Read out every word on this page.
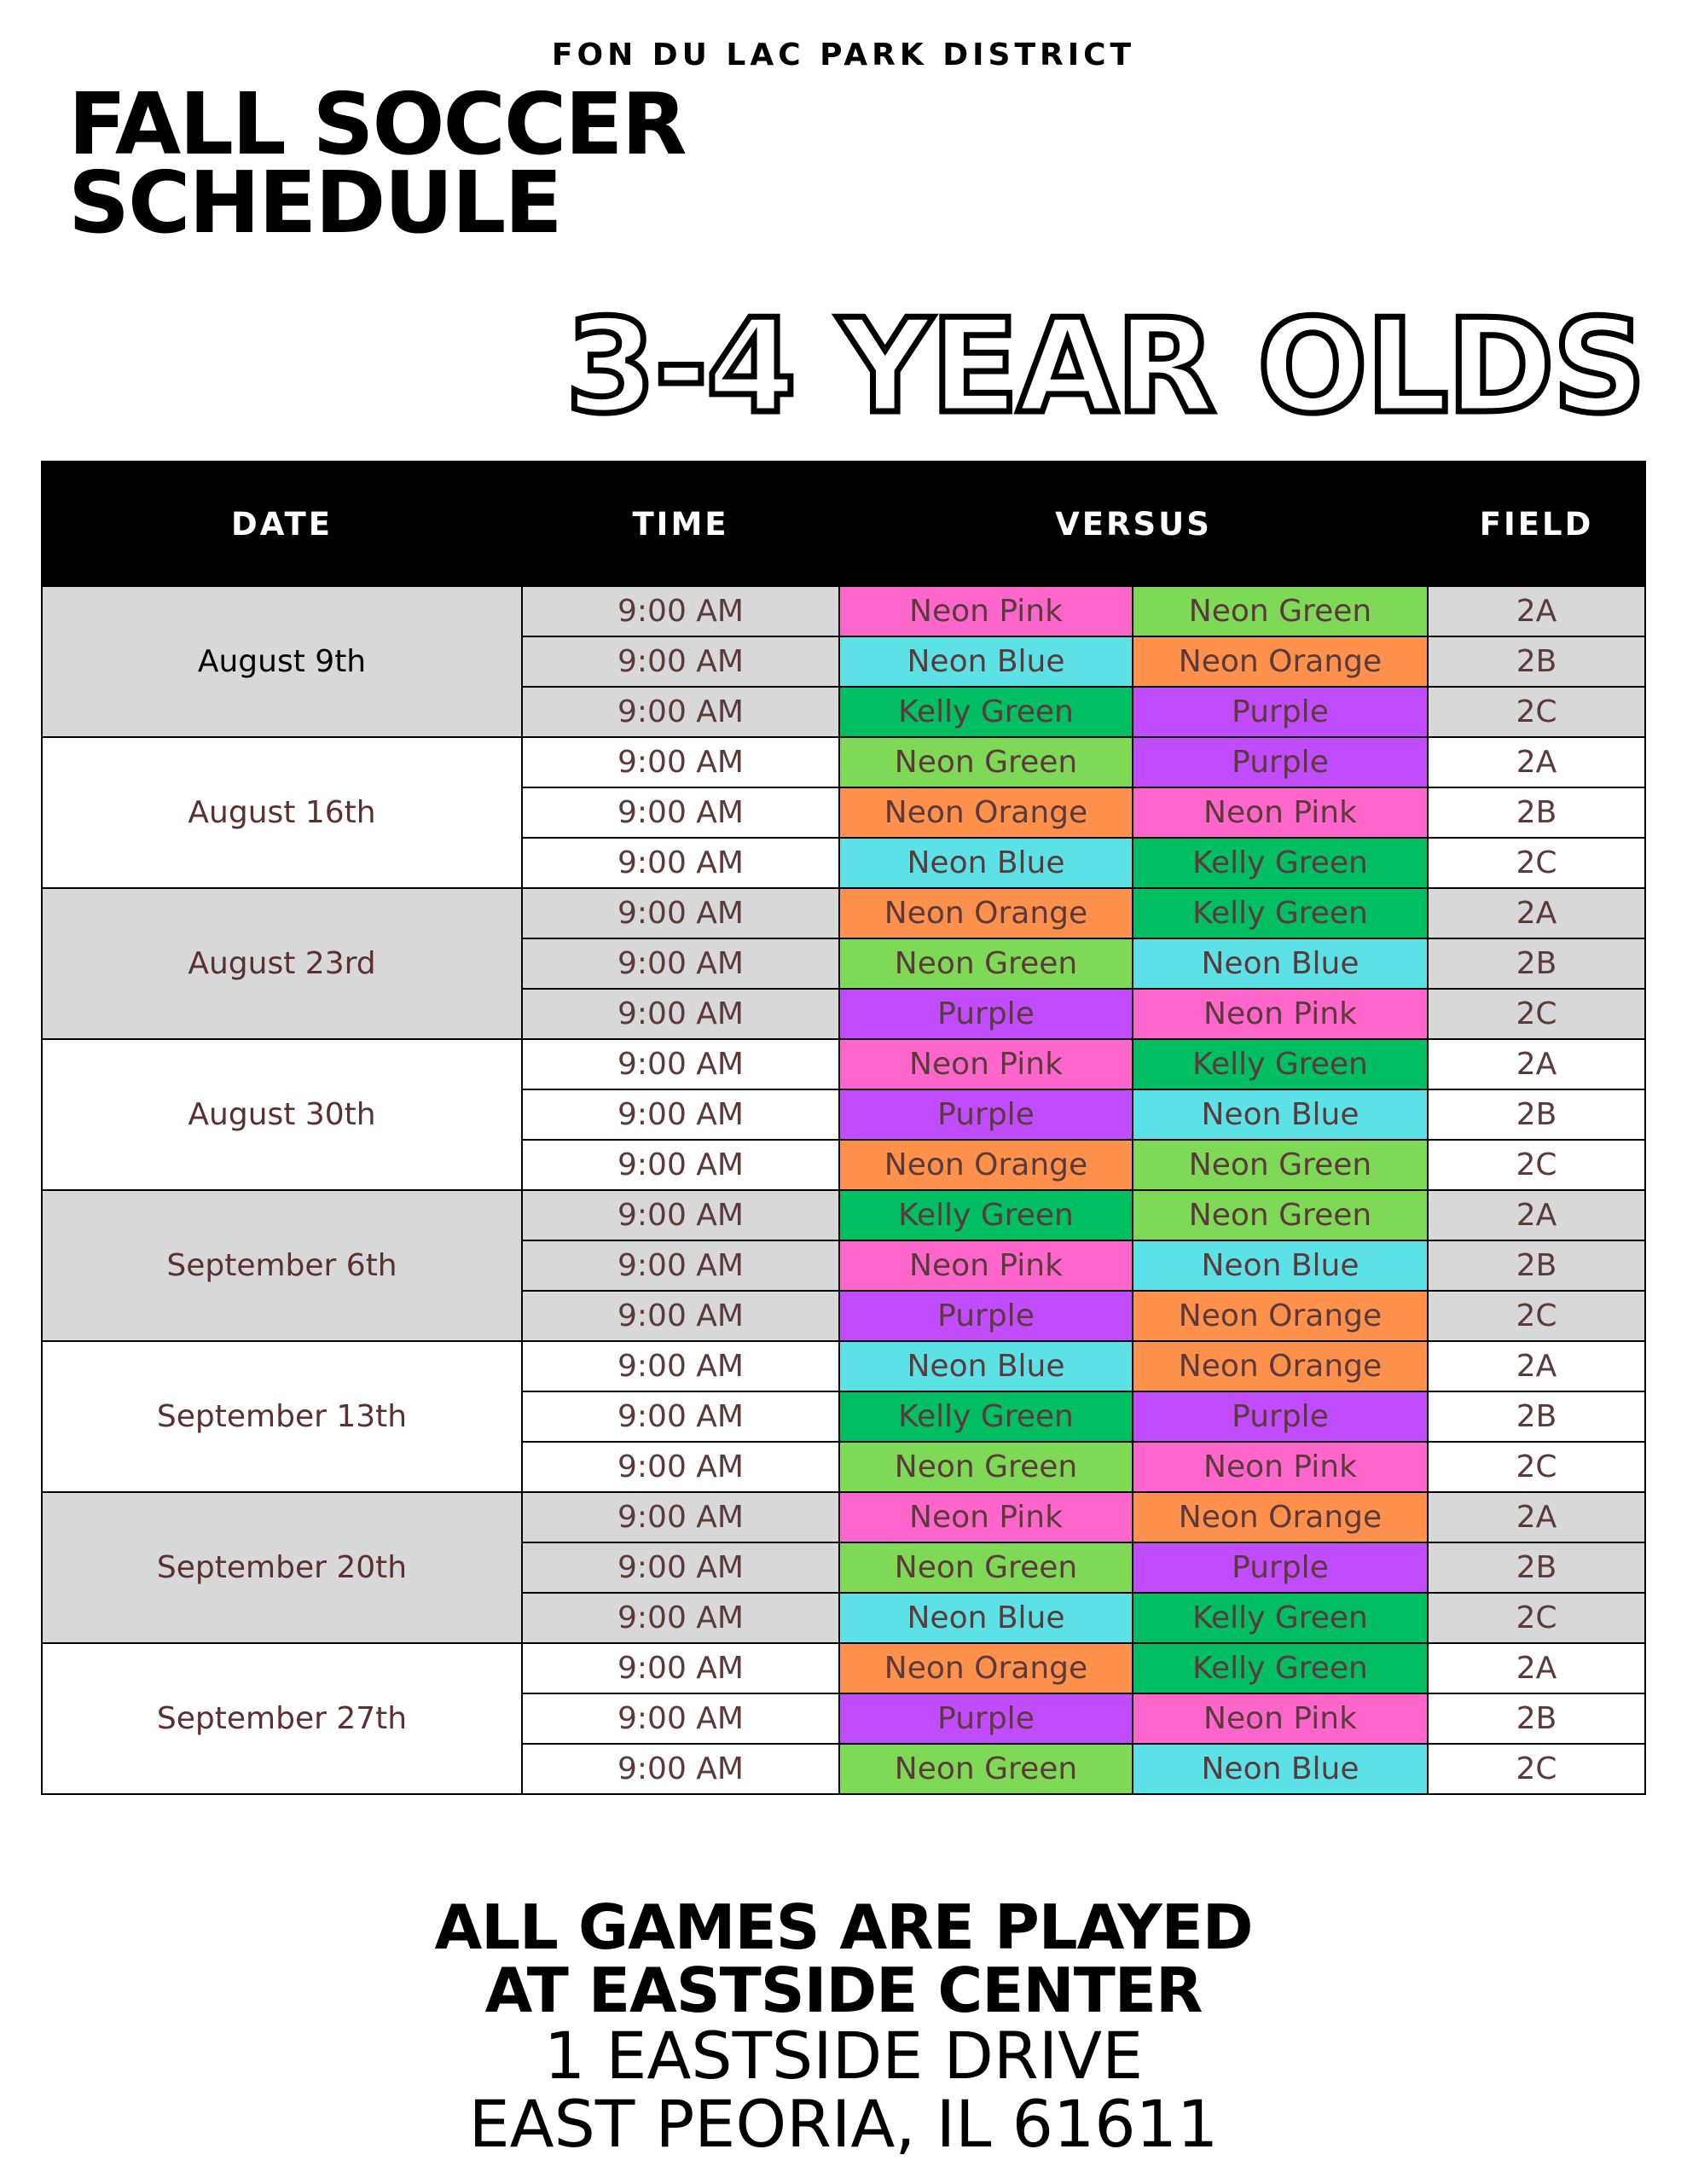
FON DU LAC PARK DISTRICT
FALL SOCCER
SCHEDULE
3-4 YEAR OLDS
DATE	TIME	VERSUS		FIELD
August 9th	9:00 AM	Neon Pink	Neon Green	2A
	9:00 AM	Neon Blue	Neon Orange	2B
	9:00 AM	Kelly Green	Purple	2C
August 16th	9:00 AM	Neon Green	Purple	2A
	9:00 AM	Neon Orange	Neon Pink	2B
	9:00 AM	Neon Blue	Kelly Green	2C
August 23rd	9:00 AM	Neon Orange	Kelly Green	2A
	9:00 AM	Neon Green	Neon Blue	2B
	9:00 AM	Purple	Neon Pink	2C
August 30th	9:00 AM	Neon Pink	Kelly Green	2A
	9:00 AM	Purple	Neon Blue	2B
	9:00 AM	Neon Orange	Neon Green	2C
September 6th	9:00 AM	Kelly Green	Neon Green	2A
	9:00 AM	Neon Pink	Neon Blue	2B
	9:00 AM	Purple	Neon Orange	2C
September 13th	9:00 AM	Neon Blue	Neon Orange	2A
	9:00 AM	Kelly Green	Purple	2B
	9:00 AM	Neon Green	Neon Pink	2C
September 20th	9:00 AM	Neon Pink	Neon Orange	2A
	9:00 AM	Neon Green	Purple	2B
	9:00 AM	Neon Blue	Kelly Green	2C
September 27th	9:00 AM	Neon Orange	Kelly Green	2A
	9:00 AM	Purple	Neon Pink	2B
	9:00 AM	Neon Green	Neon Blue	2C
ALL GAMES ARE PLAYED
AT EASTSIDE CENTER
1 EASTSIDE DRIVE
EAST PEORIA, IL 61611
